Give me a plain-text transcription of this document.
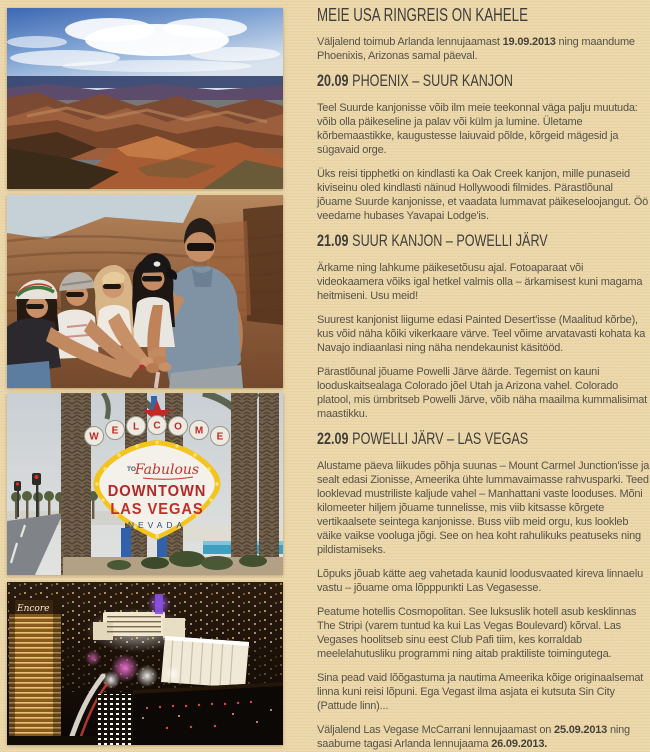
W
E L C O M
E
TO
Fabulous
DOWNTOWN
LAS VEGAS
NEVADA
Encore
MEIE USA RINGREIS ON KAHELE

Väljalend toimub Arlanda lennujaamast 19.09.2013 ning maandume Phoenixis, Arizonas samal päeval.

20.09 PHOENIX – SUUR KANJON

Teel Suurde kanjonisse võib ilm meie teekonnal väga palju muutuda: võib olla päikeseline ja palav või külm ja lumine. Ületame kõrbemaastikke, kaugustesse laiuvaid põlde, kõrgeid mägesid ja sügavaid orge.

Üks reisi tipphetki on kindlasti ka Oak Creek kanjon, mille punaseid kiviseinu oled kindlasti näinud Hollywoodi filmides. Pärastlõunal jõuame Suurde kanjonisse, et vaadata lummavat päikeseloojangut. Öö veedame hubases Yavapai Lodge'is.

21.09 SUUR KANJON – POWELLI JÄRV

Ärkame ning lahkume päikesetõusu ajal. Fotoaparaat või videokaamera võiks igal hetkel valmis olla – ärkamisest kuni magama heitmiseni. Usu meid!

Suurest kanjonist liigume edasi Painted Desert'isse (Maalitud kõrbe), kus võid näha kõiki vikerkaare värve. Teel võime arvatavasti kohata ka Navajo indiaanlasi ning näha nendekaunist käsitööd.

Pärastlõunal jõuame Powelli Järve äärde. Tegemist on kauni looduskaitsealaga Colorado jõel Utah ja Arizona vahel. Colorado platool, mis ümbritseb Powelli Järve, võib näha maailma kummalisimat maastikku.

22.09 POWELLI JÄRV – LAS VEGAS

Alustame päeva liikudes põhja suunas – Mount Carmel Junction'isse ja sealt edasi Zionisse, Ameerika ühte lummavaimasse rahvusparki. Teed looklevad mustriliste kaljude vahel – Manhattani vaste looduses. Mõni kilomeeter hiljem jõuame tunnelisse, mis viib kitsasse kõrgete vertikaalsete seintega kanjonisse. Buss viib meid orgu, kus lookleb väike vaikse vooluga jõgi. See on hea koht rahulikuks peatuseks ning pildistamiseks.

Lõpuks jõuab kätte aeg vahetada kaunid loodusvaated kireva linnaelu vastu – jõuame oma lõpppunkti Las Vegasesse.

Peatume hotellis Cosmopolitan. See luksuslik hotell asub kesklinnas The Stripi (varem tuntud ka kui Las Vegas Boulevard) kõrval. Las Vegases hoolitseb sinu eest Club Pafi tiim, kes korraldab meelelahutusliku programmi ning aitab praktiliste toimingutega.

Sina pead vaid lõõgastuma ja nautima Ameerika kõige originaalsemat linna kuni reisi lõpuni. Ega Vegast ilma asjata ei kutsuta Sin City (Pattude linn)...

Väljalend Las Vegase McCarrani lennujaamast on 25.09.2013 ning saabume tagasi Arlanda lennujaama 26.09.2013.
